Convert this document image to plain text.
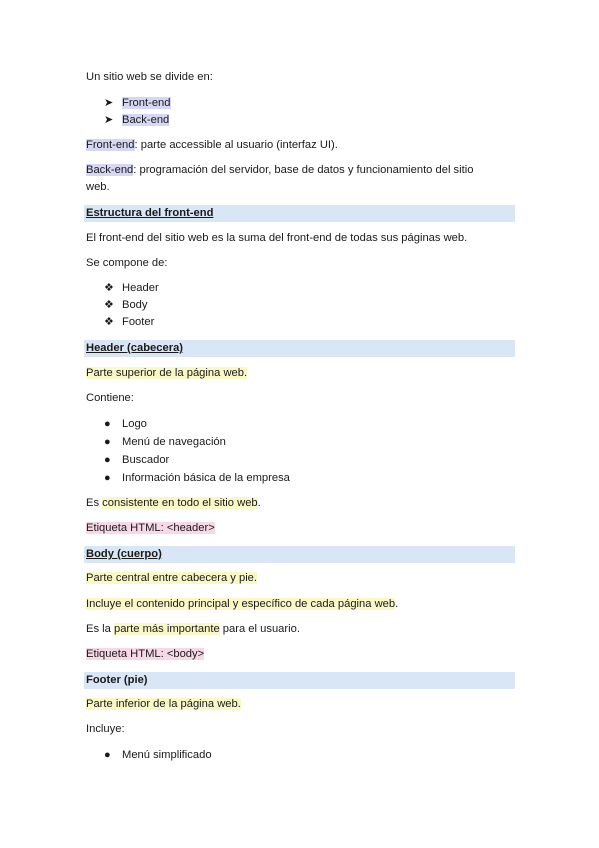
Un sitio web se divide en:
➤ Front-end
➤ Back-end
Front-end: parte accessible al usuario (interfaz UI).
Back-end: programación del servidor, base de datos y funcionamiento del sitio
web.
Estructura del front-end
El front-end del sitio web es la suma del front-end de todas sus páginas web.
Se compone de:
❖ Header
❖ Body
❖ Footer
Header (cabecera)
Parte superior de la página web.
Contiene:
● Logo
● Menú de navegación
● Buscador
● Información básica de la empresa
Es consistente en todo el sitio web.
Etiqueta HTML: <header>
Body (cuerpo)
Parte central entre cabecera y pie.
Incluye el contenido principal y específico de cada página web.
Es la parte más importante para el usuario.
Etiqueta HTML: <body>
Footer (pie)
Parte inferior de la página web.
Incluye:
● Menú simplificado
